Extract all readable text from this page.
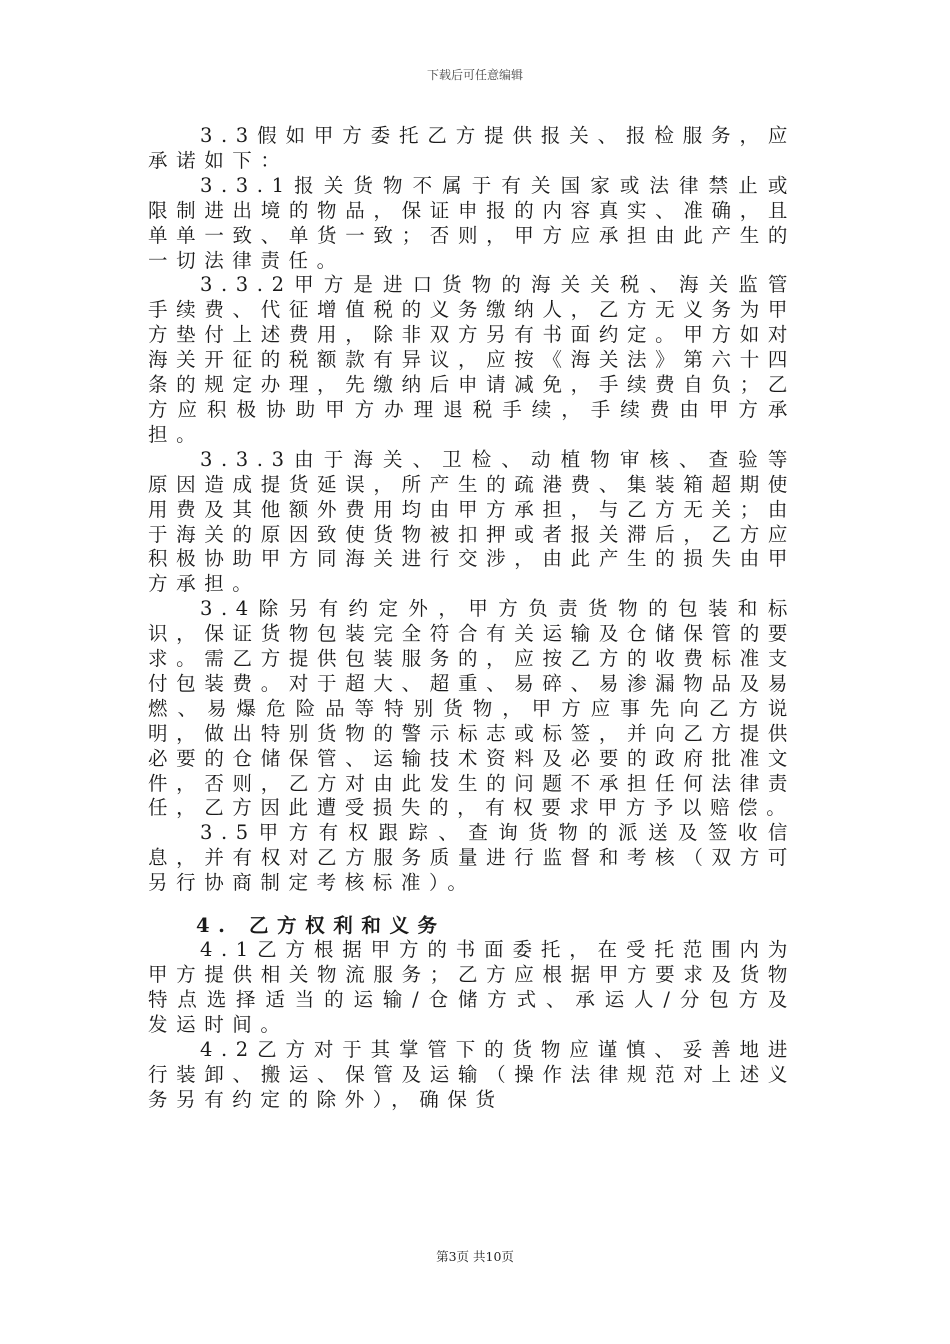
下载后可任意编辑

3.3假如甲方委托乙方提供报关、报检服务，应承诺如下：

3.3.1报关货物不属于有关国家或法律禁止或限制进出境的物品，保证申报的内容真实、准确，且单单一致、单货一致；否则，甲方应承担由此产生的一切法律责任。

3.3.2甲方是进口货物的海关关税、海关监管手续费、代征增值税的义务缴纳人，乙方无义务为甲方垫付上述费用，除非双方另有书面约定。甲方如对海关开征的税额款有异议，应按《海关法》第六十四条的规定办理，先缴纳后申请减免，手续费自负；乙方应积极协助甲方办理退税手续，手续费由甲方承担。

3.3.3由于海关、卫检、动植物审核、查验等原因造成提货延误，所产生的疏港费、集装箱超期使用费及其他额外费用均由甲方承担，与乙方无关；由于海关的原因致使货物被扣押或者报关滞后，乙方应积极协助甲方同海关进行交涉，由此产生的损失由甲方承担。

3.4除另有约定外，甲方负责货物的包装和标识，保证货物包装完全符合有关运输及仓储保管的要求。需乙方提供包装服务的，应按乙方的收费标准支付包装费。对于超大、超重、易碎、易渗漏物品及易燃、易爆危险品等特别货物，甲方应事先向乙方说明，做出特别货物的警示标志或标签，并向乙方提供必要的仓储保管、运输技术资料及必要的政府批准文件，否则，乙方对由此发生的问题不承担任何法律责任，乙方因此遭受损失的，有权要求甲方予以赔偿。

3.5甲方有权跟踪、查询货物的派送及签收信息，并有权对乙方服务质量进行监督和考核（双方可另行协商制定考核标准）。

4. 乙方权利和义务

4.1乙方根据甲方的书面委托，在受托范围内为甲方提供相关物流服务；乙方应根据甲方要求及货物特点选择适当的运输/仓储方式、承运人/分包方及发运时间。

4.2乙方对于其掌管下的货物应谨慎、妥善地进行装卸、搬运、保管及运输（操作法律规范对上述义务另有约定的除外），确保货

第3页 共10页
